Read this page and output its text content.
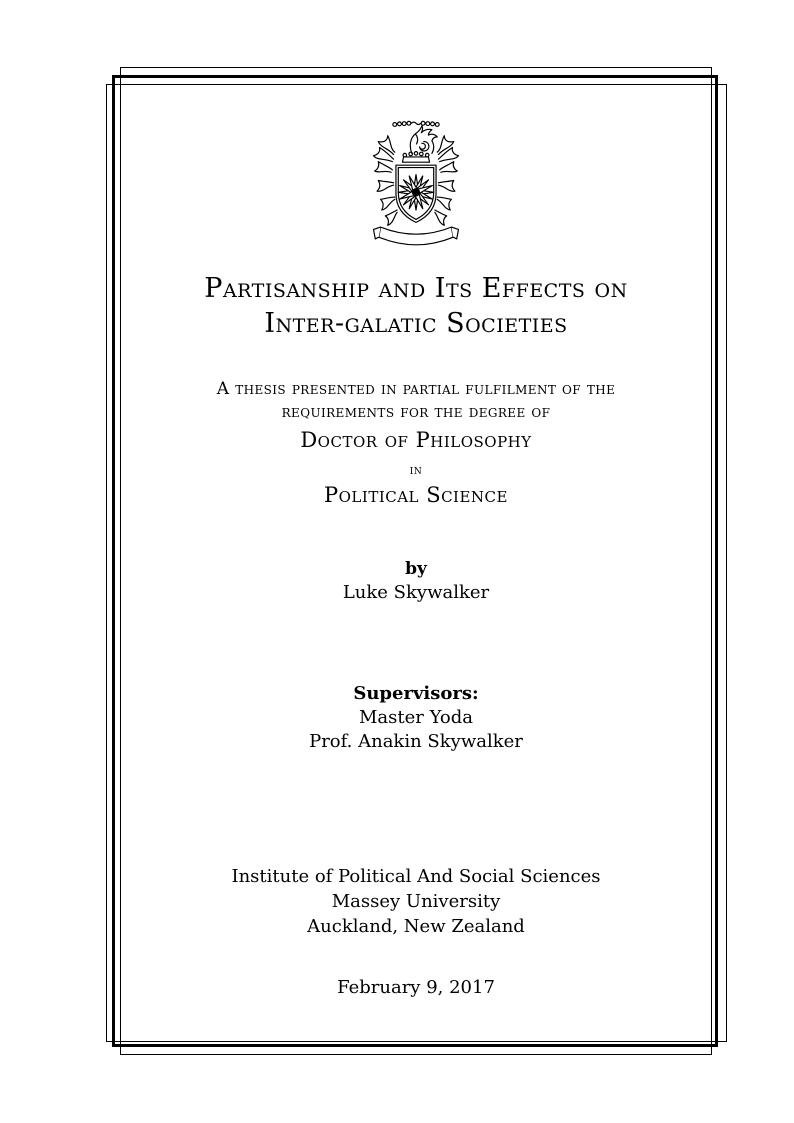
Partisanship and Its Effects on
Inter-galatic Societies
A thesis presented in partial fulfilment of the
requirements for the degree of
Doctor of Philosophy
in
Political Science
by
Luke Skywalker
Supervisors:
Master Yoda
Prof. Anakin Skywalker
Institute of Political And Social Sciences
Massey University
Auckland, New Zealand
February 9, 2017
